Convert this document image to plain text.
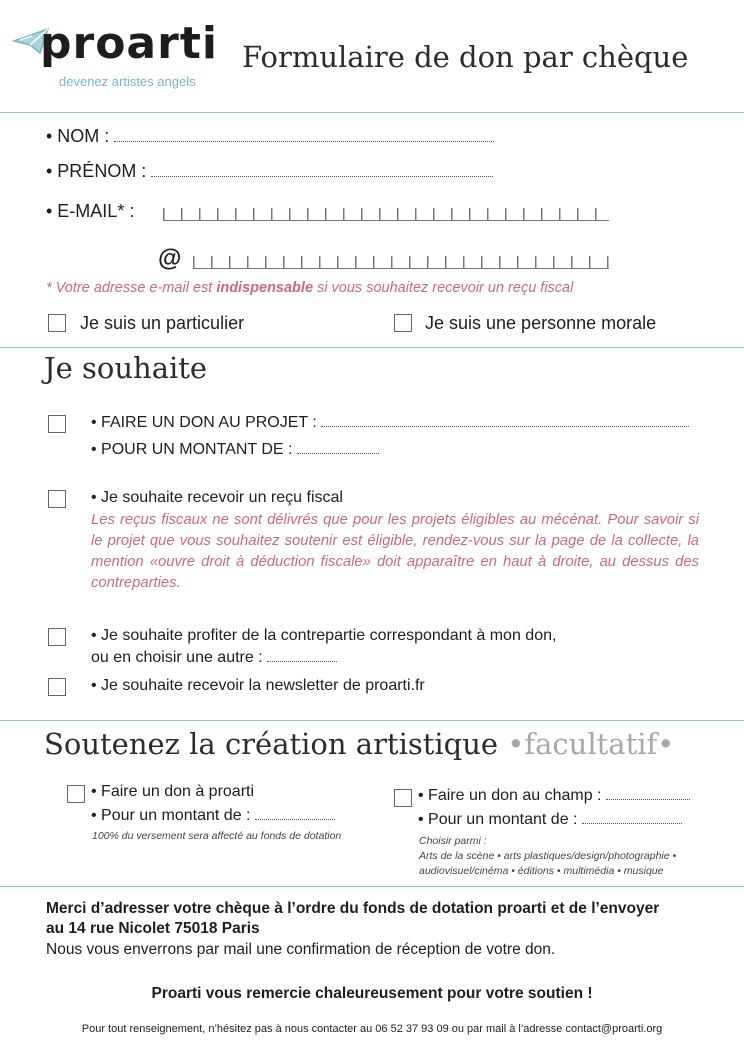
proarti
devenez artistes angels
Formulaire de don par chèque
• NOM :
• PRÉNOM :
• E-MAIL* :
@
* Votre adresse e-mail est indispensable si vous souhaitez recevoir un reçu fiscal
Je suis un particulier	Je suis une personne morale
Je souhaite
• FAIRE UN DON AU PROJET :
• POUR UN MONTANT DE :
• Je souhaite recevoir un reçu fiscal
Les reçus fiscaux ne sont délivrés que pour les projets éligibles au mécénat. Pour savoir si le projet que vous souhaitez soutenir est éligible, rendez-vous sur la page de la collecte, la mention «ouvre droit à déduction fiscale» doit apparaître en haut à droite, au dessus des contreparties.
• Je souhaite profiter de la contrepartie correspondant à mon don,
ou en choisir une autre :
• Je souhaite recevoir la newsletter de proarti.fr
Soutenez la création artistique •facultatif•
• Faire un don à proarti
• Pour un montant de :
100% du versement sera affecté au fonds de dotation
• Faire un don au champ :
• Pour un montant de :
Choisir parmi :
Arts de la scène • arts plastiques/design/photographie •
audiovisuel/cinéma • éditions • multimédia • musique
Merci d’adresser votre chèque à l’ordre du fonds de dotation proarti et de l’envoyer
au 14 rue Nicolet 75018 Paris
Nous vous enverrons par mail une confirmation de réception de votre don.
Proarti vous remercie chaleureusement pour votre soutien !
Pour tout renseignement, n’hésitez pas à nous contacter au 06 52 37 93 09 ou par mail à l’adresse contact@proarti.org
